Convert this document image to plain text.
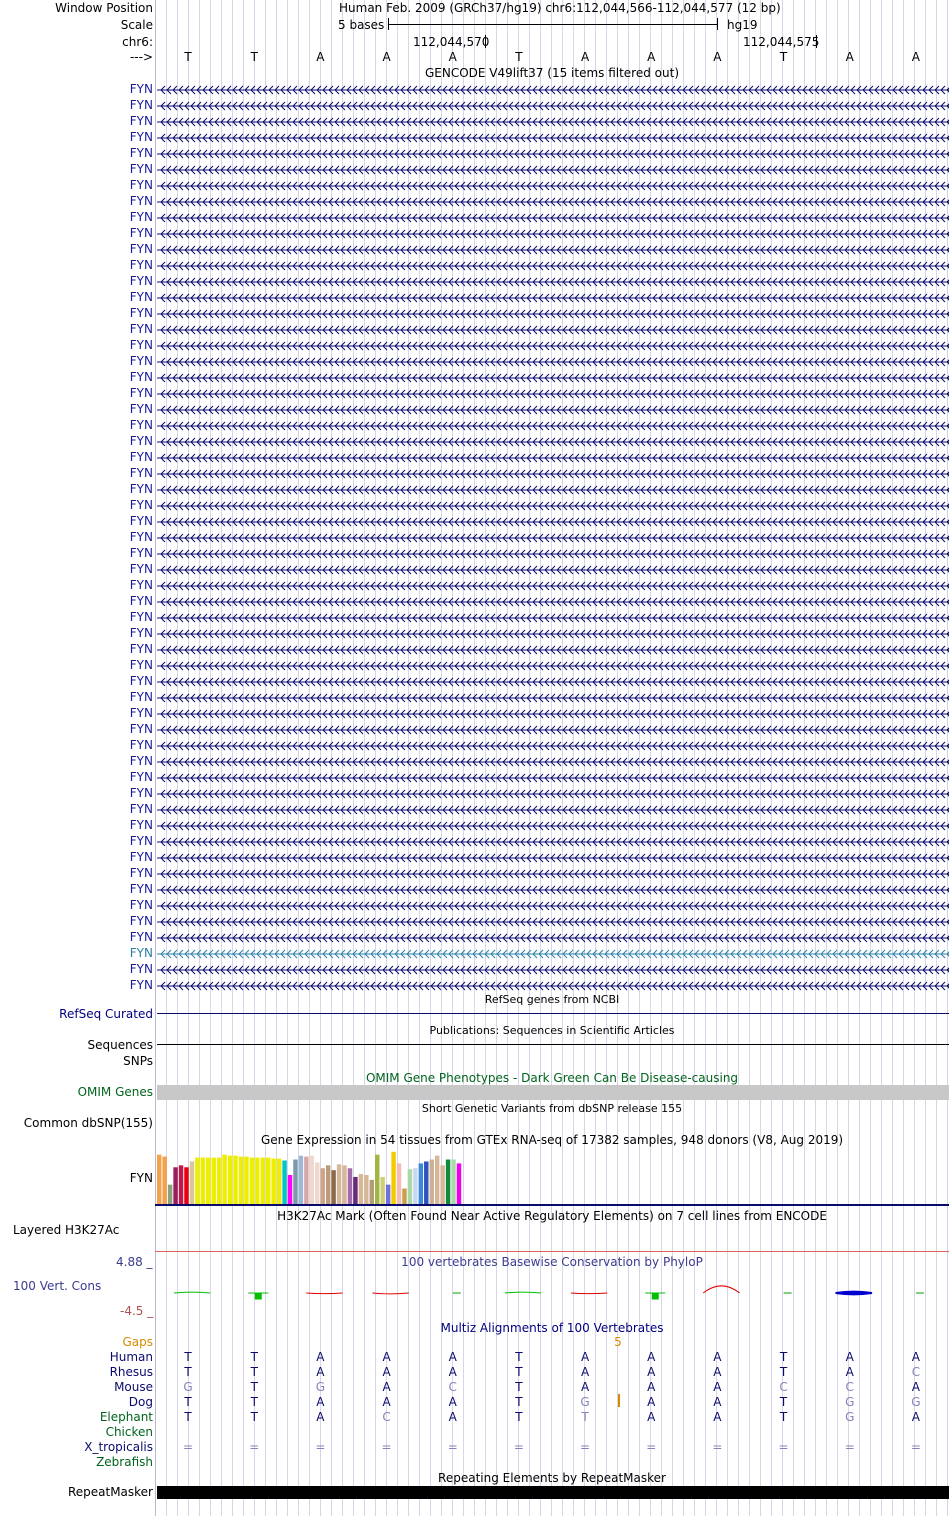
Window Position	Human Feb. 2009 (GRCh37/hg19) chr6:112,044,566-112,044,577 (12 bp)
Scale	5 bases	hg19
chr6:	112,044,570	112,044,575
--->	T	T	A	A	A	T	A	A	A	T	A	A
GENCODE V49lift37 (15 items filtered out)
FYN
FYN
FYN
FYN
FYN
FYN
FYN
FYN
FYN
FYN
FYN
FYN
FYN
FYN
FYN
FYN
FYN
FYN
FYN
FYN
FYN
FYN
FYN
FYN
FYN
FYN
FYN
FYN
FYN
FYN
FYN
FYN
FYN
FYN
FYN
FYN
FYN
FYN
FYN
FYN
FYN
FYN
FYN
FYN
FYN
FYN
FYN
FYN
FYN
FYN
FYN
FYN
FYN
FYN
FYN
FYN
FYN
RefSeq genes from NCBI
RefSeq Curated
Publications: Sequences in Scientific Articles
Sequences
SNPs
OMIM Gene Phenotypes - Dark Green Can Be Disease-causing
OMIM Genes
Short Genetic Variants from dbSNP release 155
Common dbSNP(155)
Gene Expression in 54 tissues from GTEx RNA-seq of 17382 samples, 948 donors (V8, Aug 2019)
FYN
H3K27Ac Mark (Often Found Near Active Regulatory Elements) on 7 cell lines from ENCODE
Layered H3K27Ac
100 vertebrates Basewise Conservation by PhyloP
4.88 _
100 Vert. Cons
-4.5 _
Multiz Alignments of 100 Vertebrates
Gaps	5
Human	T	T	A	A	A	T	A	A	A	T	A	A
Rhesus	T	T	A	A	A	T	A	A	A	T	A	C
Mouse	G	T	G	A	C	T	A	A	A	C	C	A
Dog	T	T	A	A	A	T	G	A	A	T	G	G
Elephant	T	T	A	C	A	T	T	A	A	T	G	A
Chicken
X_tropicalis	=	=	=	=	=	=	=	=	=	=	=	=
Zebrafish
Repeating Elements by RepeatMasker
RepeatMasker
